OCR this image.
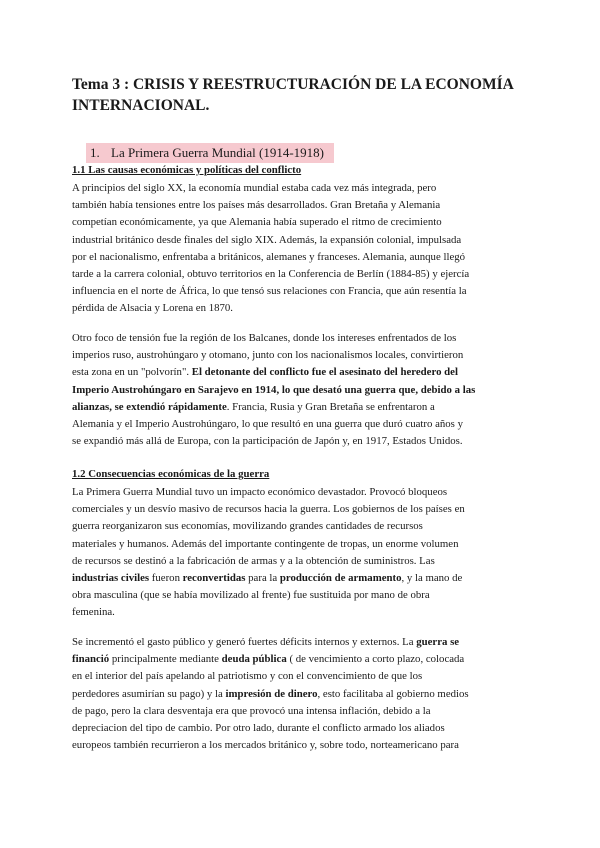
Tema 3 : CRISIS Y REESTRUCTURACIÓN DE LA ECONOMÍA
INTERNACIONAL.
1. La Primera Guerra Mundial (1914-1918)
1.1 Las causas económicas y políticas del conflicto

A principios del siglo XX, la economía mundial estaba cada vez más integrada, pero
también había tensiones entre los países más desarrollados. Gran Bretaña y Alemania
competían económicamente, ya que Alemania había superado el ritmo de crecimiento
industrial británico desde finales del siglo XIX. Además, la expansión colonial, impulsada
por el nacionalismo, enfrentaba a británicos, alemanes y franceses. Alemania, aunque llegó
tarde a la carrera colonial, obtuvo territorios en la Conferencia de Berlín (1884-85) y ejercía
influencia en el norte de África, lo que tensó sus relaciones con Francia, que aún resentía la
pérdida de Alsacia y Lorena en 1870.

Otro foco de tensión fue la región de los Balcanes, donde los intereses enfrentados de los
imperios ruso, austrohúngaro y otomano, junto con los nacionalismos locales, convirtieron
esta zona en un "polvorín". El detonante del conflicto fue el asesinato del heredero del
Imperio Austrohúngaro en Sarajevo en 1914, lo que desató una guerra que, debido a las
alianzas, se extendió rápidamente. Francia, Rusia y Gran Bretaña se enfrentaron a
Alemania y el Imperio Austrohúngaro, lo que resultó en una guerra que duró cuatro años y
se expandió más allá de Europa, con la participación de Japón y, en 1917, Estados Unidos.

1.2 Consecuencias económicas de la guerra

La Primera Guerra Mundial tuvo un impacto económico devastador. Provocó bloqueos
comerciales y un desvío masivo de recursos hacia la guerra. Los gobiernos de los países en
guerra reorganizaron sus economías, movilizando grandes cantidades de recursos
materiales y humanos. Además del importante contingente de tropas, un enorme volumen
de recursos se destinó a la fabricación de armas y a la obtención de suministros. Las
industrias civiles fueron reconvertidas para la producción de armamento, y la mano de
obra masculina (que se había movilizado al frente) fue sustituida por mano de obra
femenina.

Se incrementó el gasto público y generó fuertes déficits internos y externos. La guerra se
financió principalmente mediante deuda pública ( de vencimiento a corto plazo, colocada
en el interior del país apelando al patriotismo y con el convencimiento de que los
perdedores asumirían su pago) y la impresión de dinero, esto facilitaba al gobierno medios
de pago, pero la clara desventaja era que provocó una intensa inflación, debido a la
depreciacion del tipo de cambio. Por otro lado, durante el conflicto armado los aliados
europeos también recurrieron a los mercados británico y, sobre todo, norteamericano para
